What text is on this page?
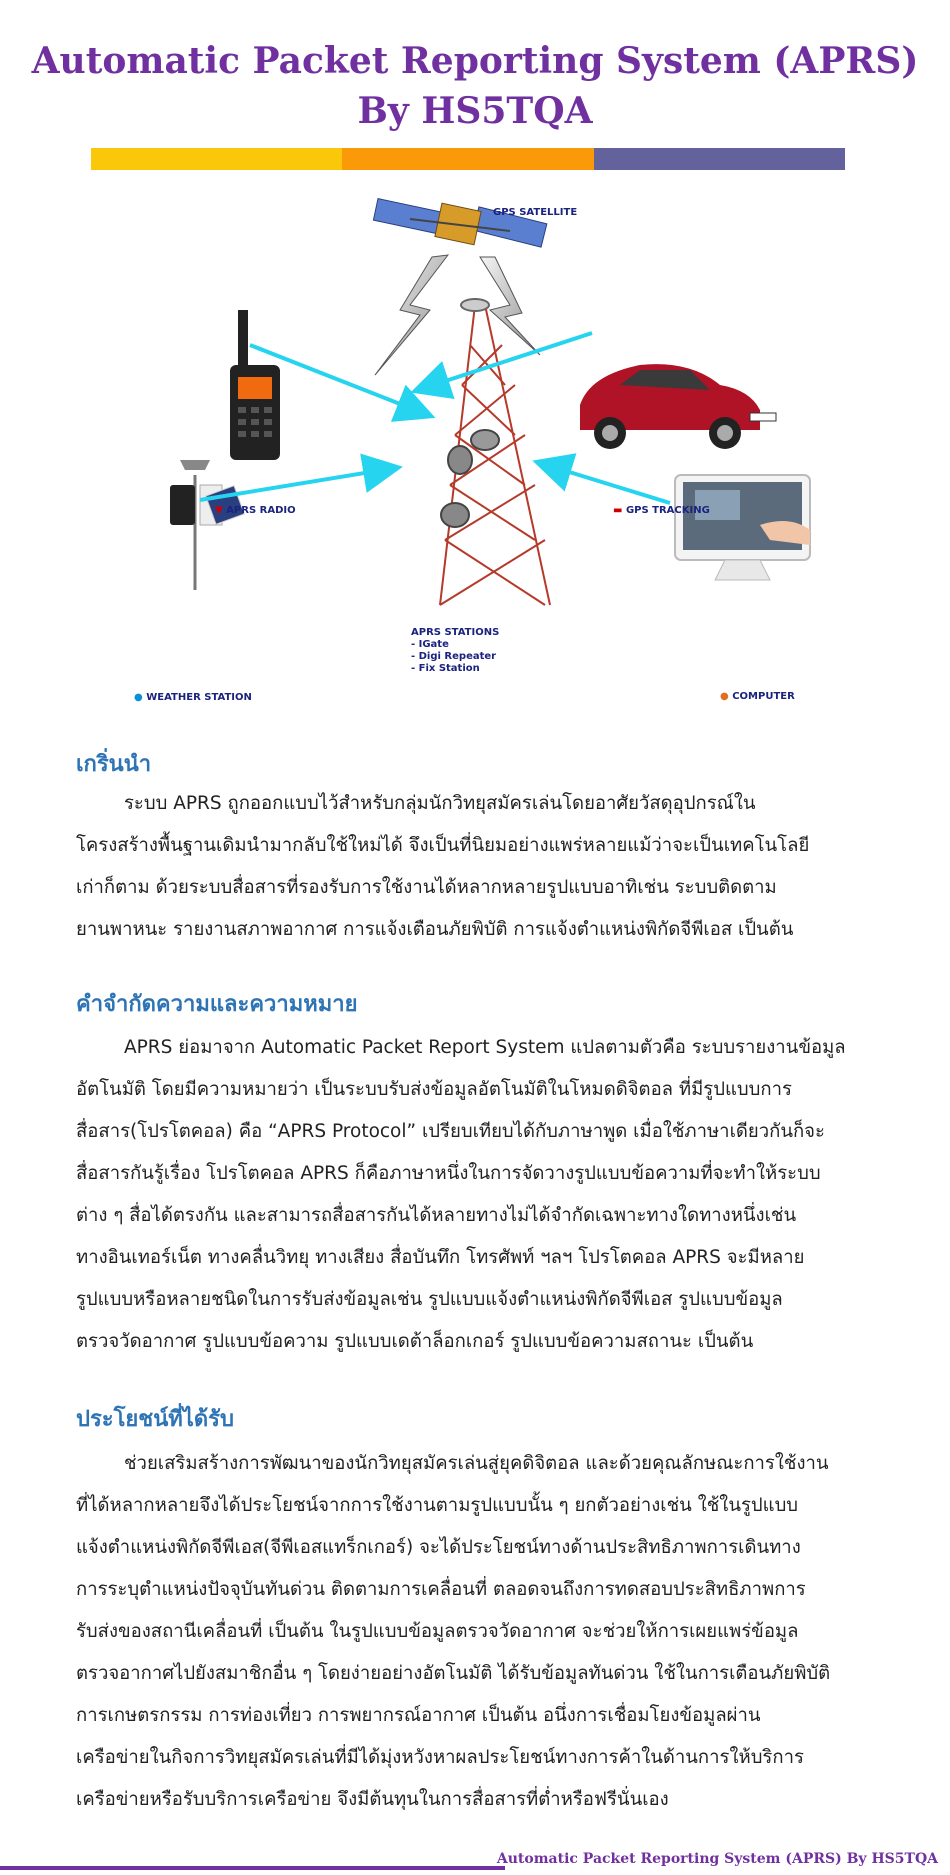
Automatic Packet Reporting System (APRS)
By HS5TQA
GPS SATELLITE
▼ APRS RADIO	▬ GPS TRACKING
● WEATHER STATION	● COMPUTER
APRS STATIONS
- IGate
- Digi Repeater
- Fix Station
เกริ่นนำ
ระบบ APRS ถูกออกแบบไว้สำหรับกลุ่มนักวิทยุสมัครเล่นโดยอาศัยวัสดุอุปกรณ์ใน
โครงสร้างพื้นฐานเดิมนำมากลับใช้ใหม่ได้ จึงเป็นที่นิยมอย่างแพร่หลายแม้ว่าจะเป็นเทคโนโลยี
เก่าก็ตาม ด้วยระบบสื่อสารที่รองรับการใช้งานได้หลากหลายรูปแบบอาทิเช่น ระบบติดตาม
ยานพาหนะ รายงานสภาพอากาศ การแจ้งเตือนภัยพิบัติ การแจ้งตำแหน่งพิกัดจีพีเอส เป็นต้น
คำจำกัดความและความหมาย
APRS ย่อมาจาก Automatic Packet Report System แปลตามตัวคือ ระบบรายงานข้อมูล
อัตโนมัติ โดยมีความหมายว่า เป็นระบบรับส่งข้อมูลอัตโนมัติในโหมดดิจิตอล ที่มีรูปแบบการ
สื่อสาร(โปรโตคอล) คือ “APRS Protocol” เปรียบเทียบได้กับภาษาพูด เมื่อใช้ภาษาเดียวกันก็จะ
สื่อสารกันรู้เรื่อง โปรโตคอล APRS ก็คือภาษาหนึ่งในการจัดวางรูปแบบข้อความที่จะทำให้ระบบ
ต่าง ๆ สื่อได้ตรงกัน และสามารถสื่อสารกันได้หลายทางไม่ได้จำกัดเฉพาะทางใดทางหนึ่งเช่น
ทางอินเทอร์เน็ต ทางคลื่นวิทยุ ทางเสียง สื่อบันทึก โทรศัพท์ ฯลฯ โปรโตคอล APRS จะมีหลาย
รูปแบบหรือหลายชนิดในการรับส่งข้อมูลเช่น รูปแบบแจ้งตำแหน่งพิกัดจีพีเอส รูปแบบข้อมูล
ตรวจวัดอากาศ รูปแบบข้อความ รูปแบบเดต้าล็อกเกอร์ รูปแบบข้อความสถานะ เป็นต้น
ประโยชน์ที่ได้รับ
ช่วยเสริมสร้างการพัฒนาของนักวิทยุสมัครเล่นสู่ยุคดิจิตอล และด้วยคุณลักษณะการใช้งาน
ที่ได้หลากหลายจึงได้ประโยชน์จากการใช้งานตามรูปแบบนั้น ๆ ยกตัวอย่างเช่น ใช้ในรูปแบบ
แจ้งตำแหน่งพิกัดจีพีเอส(จีพีเอสแทร็กเกอร์) จะได้ประโยชน์ทางด้านประสิทธิภาพการเดินทาง
การระบุตำแหน่งปัจจุบันทันด่วน ติดตามการเคลื่อนที่ ตลอดจนถึงการทดสอบประสิทธิภาพการ
รับส่งของสถานีเคลื่อนที่ เป็นต้น ในรูปแบบข้อมูลตรวจวัดอากาศ จะช่วยให้การเผยแพร่ข้อมูล
ตรวจอากาศไปยังสมาชิกอื่น ๆ โดยง่ายอย่างอัตโนมัติ ได้รับข้อมูลทันด่วน ใช้ในการเตือนภัยพิบัติ
การเกษตรกรรม การท่องเที่ยว การพยากรณ์อากาศ เป็นต้น อนึ่งการเชื่อมโยงข้อมูลผ่าน
เครือข่ายในกิจการวิทยุสมัครเล่นที่มีได้มุ่งหวังหาผลประโยชน์ทางการค้าในด้านการให้บริการ
เครือข่ายหรือรับบริการเครือข่าย จึงมีต้นทุนในการสื่อสารที่ต่ำหรือฟรีนั่นเอง
Automatic Packet Reporting System (APRS) By HS5TQA
